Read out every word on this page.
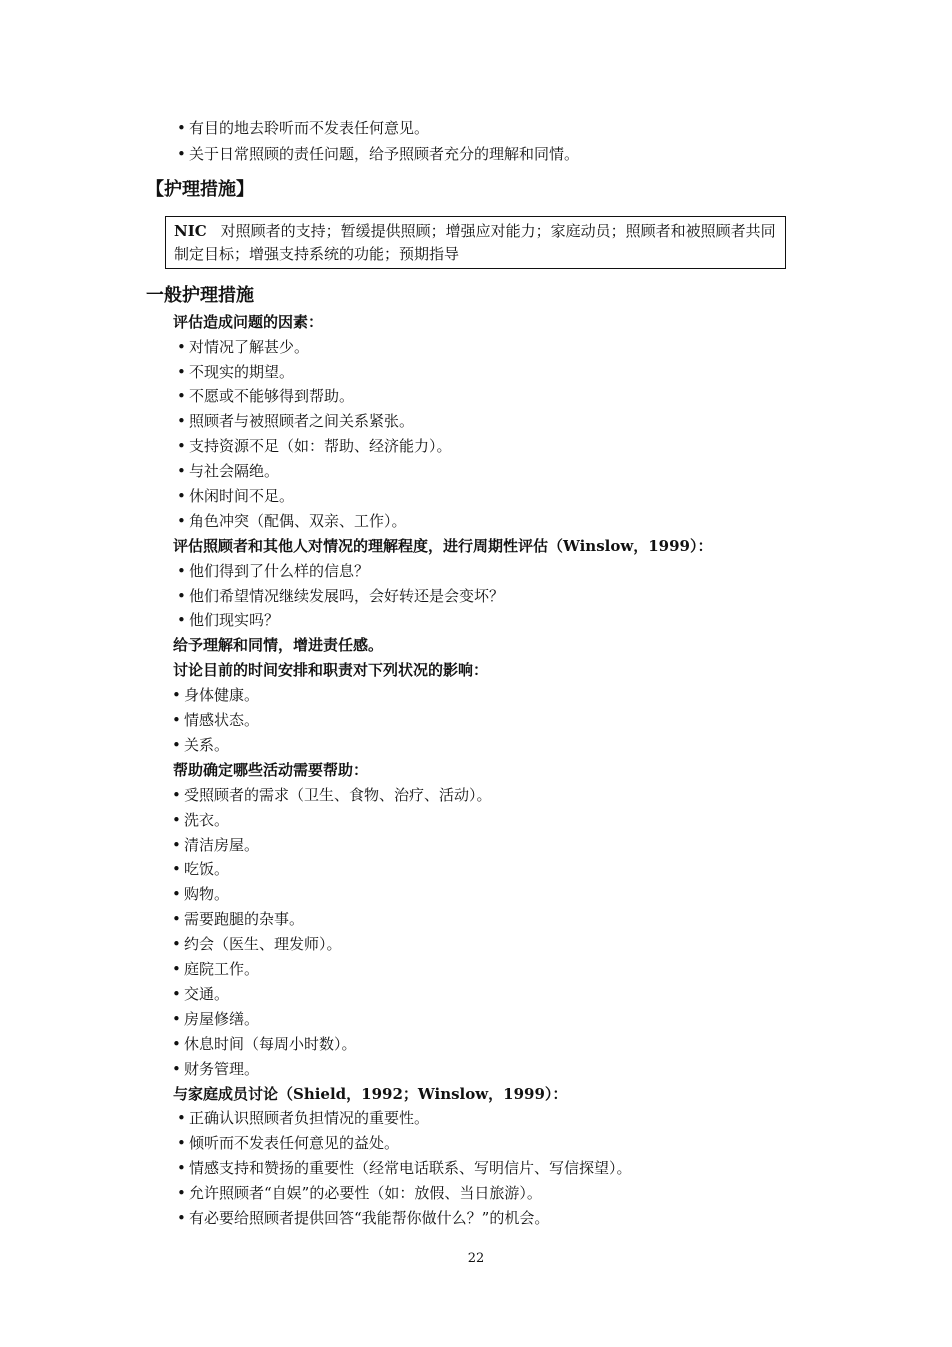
• 有目的地去聆听而不发表任何意见。
• 关于日常照顾的责任问题，给予照顾者充分的理解和同情。
【护理措施】
NIC 对照顾者的支持；暂缓提供照顾；增强应对能力；家庭动员；照顾者和被照顾者共同制定目标；增强支持系统的功能；预期指导
一般护理措施
评估造成问题的因素：
• 对情况了解甚少。
• 不现实的期望。
• 不愿或不能够得到帮助。
• 照顾者与被照顾者之间关系紧张。
• 支持资源不足（如：帮助、经济能力）。
• 与社会隔绝。
• 休闲时间不足。
• 角色冲突（配偶、双亲、工作）。
评估照顾者和其他人对情况的理解程度，进行周期性评估（Winslow，1999）：
• 他们得到了什么样的信息？
• 他们希望情况继续发展吗，会好转还是会变坏？
• 他们现实吗？
给予理解和同情，增进责任感。
讨论目前的时间安排和职责对下列状况的影响：
• 身体健康。
• 情感状态。
• 关系。
帮助确定哪些活动需要帮助：
• 受照顾者的需求（卫生、食物、治疗、活动）。
• 洗衣。
• 清洁房屋。
• 吃饭。
• 购物。
• 需要跑腿的杂事。
• 约会（医生、理发师）。
• 庭院工作。
• 交通。
• 房屋修缮。
• 休息时间（每周小时数）。
• 财务管理。
与家庭成员讨论（Shield，1992；Winslow，1999）：
• 正确认识照顾者负担情况的重要性。
• 倾听而不发表任何意见的益处。
• 情感支持和赞扬的重要性（经常电话联系、写明信片、写信探望）。
• 允许照顾者“自娱”的必要性（如：放假、当日旅游）。
• 有必要给照顾者提供回答“我能帮你做什么？”的机会。
22
